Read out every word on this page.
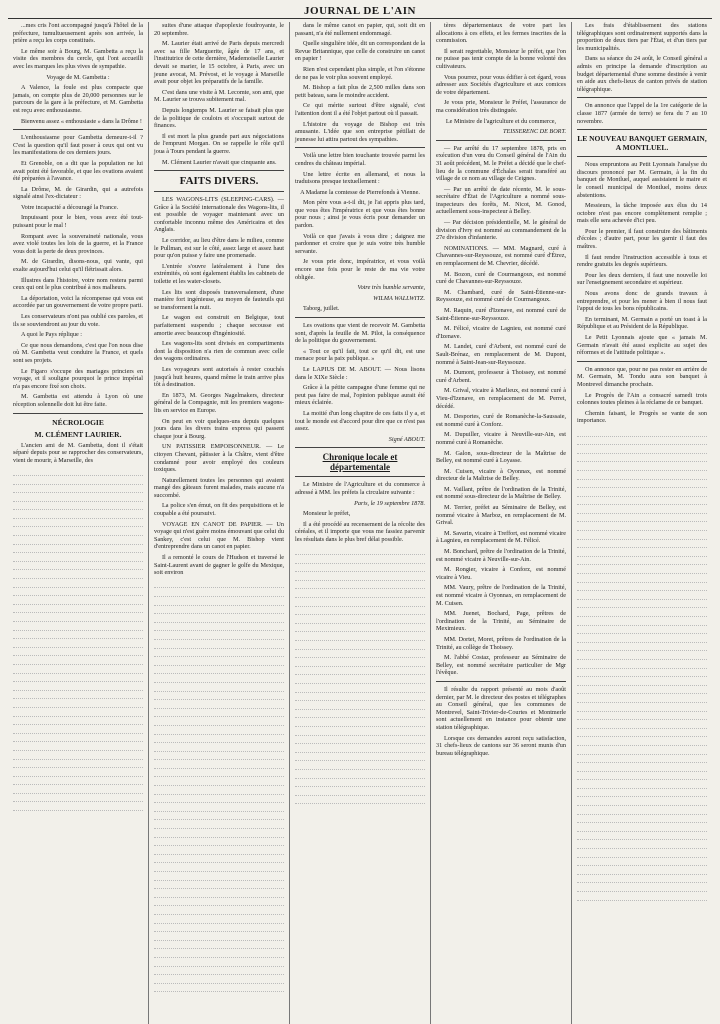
JOURNAL DE L'AIN

...mes cris l'ont accompagné jusqu'à l'hôtel de la préfecture, tumultueusement après son arrivée, la prière a reçu les corps constitués.

Le même soir à Bourg, M. Gambetta a reçu la visite des membres du cercle, qui l'ont accueilli avec les marques les plus vives de sympathie.

Voyage de M. Gambetta :

A Valence, la foule est plus compacte que jamais, on compte plus de 20,000 personnes sur le parcours de la gare à la préfecture, et M. Gambetta est reçu avec enthousiasme.

Bienvenu assez « enthousiaste » dans la Drôme !

L'enthousiasme pour Gambetta demeure-t-il ? C'est la question qu'il faut poser à ceux qui ont vu les manifestations de ces derniers jours.

Et Grenoble, on a dit que la population ne lui avait point été favorable, et que les ovations avaient été préparées à l'avance.

La Drôme, M. de Girardin, qui a autrefois signalé ainsi l'ex-dictateur :

Votre incapacité a découragé la France.

Impuissant pour le bien, vous avez été tout-puissant pour le mal !

Rompant avec la souveraineté nationale, vous avez violé toutes les lois de la guerre, et la France vous doit la perte de deux provinces.

M. de Girardin, disons-nous, qui vante, qui exalte aujourd'hui celui qu'il flétrissait alors.

Illustres dans l'histoire, votre nom restera parmi ceux qui ont le plus contribué à nos malheurs.

La déportation, voici la récompense qui vous est accordée par un gouvernement de votre propre parti.

Les conservateurs n'ont pas oublié ces paroles, et ils se souviendront au jour du vote.

A quoi le Pays réplique :

Ce que nous demandons, c'est que l'on nous dise où M. Gambetta veut conduire la France, et quels sont ses projets.

Le Figaro s'occupe des mariages princiers en voyage, et il souligne pourquoi le prince impérial n'a pas encore fixé son choix.

M. Gambetta est attendu à Lyon où une réception solennelle doit lui être faite.

NÉCROLOGIE
M. CLÉMENT LAURIER.

L'ancien ami de M. Gambetta, dont il s'était séparé depuis pour se rapprocher des conservateurs, vient de mourir, à Marseille, des

suites d'une attaque d'apoplexie foudroyante, le 20 septembre.

M. Laurier était arrivé de Paris depuis mercredi avec sa fille Marguerite, âgée de 17 ans, et l'institutrice de cette dernière, Mademoiselle Laurier devait se marier, le 15 octobre, à Paris, avec un jeune avocat, M. Prévost, et le voyage à Marseille avait pour objet les préparatifs de la famille.

C'est dans une visite à M. Lecomte, son ami, que M. Laurier se trouva subitement mal.

Depuis longtemps M. Laurier se faisait plus que de la politique de couloirs et s'occupait surtout de finances.

Il est mort la plus grande part aux négociations de l'emprunt Morgan. On se rappelle le rôle qu'il joua à Tours pendant la guerre.

M. Clément Laurier n'avait que cinquante ans.

FAITS DIVERS.

LES WAGONS-LITS (SLEEPING-CARS). — Grâce à la Société internationale des Wagons-lits, il est possible de voyager maintenant avec un confortable inconnu même des Américains et des Anglais.

Le corridor, au lieu d'être dans le milieu, comme le Pullman, est sur le côté, assez large et assez haut pour qu'on puisse y faire une promenade.

L'entrée s'ouvre latéralement à l'une des extrémités, où sont également établis les cabinets de toilette et les water-closets.

Les lits sont disposés transversalement, d'une manière fort ingénieuse, au moyen de fauteuils qui se transforment la nuit.

Le wagon est construit en Belgique, tout parfaitement suspendu ; chaque secousse est amortie avec beaucoup d'ingéniosité.

Les wagons-lits sont divisés en compartiments dont la disposition n'a rien de commun avec celle des wagons ordinaires.

Les voyageurs sont autorisés à rester couchés jusqu'à huit heures, quand même le train arrive plus tôt à destination.

En 1873, M. Georges Nagelmakers, directeur général de la Compagnie, mit les premiers wagons-lits en service en Europe.

On peut en voir quelques-uns depuis quelques jours dans les divers trains express qui passent chaque jour à Bourg.

UN PATISSIER EMPOISONNEUR. — Le citoyen Chevant, pâtissier à la Châtre, vient d'être condamné pour avoir employé des couleurs toxiques.

Naturellement toutes les personnes qui avaient mangé des gâteaux furent malades, mais aucune n'a succombé.

La police s'en émut, on fit des perquisitions et le coupable a été poursuivi.

VOYAGE EN CANOT DE PAPIER. — Un voyage qui n'est guère moins émouvant que celui du Sankey, c'est celui que M. Bishop vient d'entreprendre dans un canot en papier.

Il a remonté le cours de l'Hudson et traversé le Saint-Laurent avant de gagner le golfe du Mexique, soit environ

dans le même canot en papier, qui, soit dit en passant, n'a été nullement endommagé.

Quelle singulière idée, dit un correspondant de la Revue Britannique, que celle de construire un canot en papier !

Rien n'est cependant plus simple, et l'on s'étonne de ne pas le voir plus souvent employé.

M. Bishop a fait plus de 2,500 milles dans son petit bateau, sans le moindre accident.

Ce qui mérite surtout d'être signalé, c'est l'attention dont il a été l'objet partout où il passait.

L'histoire du voyage de Bishop est très amusante. L'idée que son entreprise pétillait de jeunesse lui attira partout des sympathies.

Voilà une lettre bien touchante trouvée parmi les cendres du château impérial.

Une lettre écrite en allemand, et nous la traduisons presque textuellement :

A Madame la comtesse de Pierrefonds à Vienne.

Mon père vous a-t-il dit, je l'ai appris plus tard, que vous êtes l'impératrice et que vous êtes bonne pour nous ; ainsi je vous écris pour demander un pardon.

Voilà ce que j'avais à vous dire ; daignez me pardonner et croire que je suis votre très humble servante.

Je vous prie donc, impératrice, et vous voilà encore une fois pour le reste de ma vie votre obligée.

Votre très humble servante,

WILMA WALLWITZ.

Taborg, juillet.

Les ovations que vient de recevoir M. Gambetta sont, d'après la feuille de M. Pilot, la conséquence de la politique du gouvernement.

« Tout ce qu'il fait, tout ce qu'il dit, est une menace pour la paix publique. »

Le LAPIUS DE M. ABOUT. — Nous lisons dans le XIXe Siècle :

Grâce à la pétite campagne d'une femme qui ne peut pas faire de mal, l'opinion publique aurait été mieux éclairée.

La moitié d'un long chapitre de ces faits il y a, et tout le monde est d'accord pour dire que ce n'est pas assez.

Signé ABOUT.

Chronique locale et départementale

Le Ministre de l'Agriculture et du commerce à adressé à MM. les préfets la circulaire suivante :

Paris, le 19 septembre 1878.

Monsieur le préfet,

Il a été procédé au recensement de la récolte des céréales, et il importe que vous me fassiez parvenir les résultats dans le plus bref délai possible.

tères départementaux de votre part les allocations à ces effets, et les fermes inscrites de la commission.

Il serait regrettable, Monsieur le préfet, que l'on ne puisse pas tenir compte de la bonne volonté des cultivateurs.

Vous pourrez, pour vous édifier à cet égard, vous adresser aux Sociétés d'agriculture et aux comices de votre département.

Je vous prie, Monsieur le Préfet, l'assurance de ma considération très distinguée.

Le Ministre de l'agriculture et du commerce,

TEISSERENC DE BORT.

— Par arrêté du 17 septembre 1878, pris en exécution d'un vœu du Conseil général de l'Ain du 31 août précédent, M. le Préfet a décidé que le chef-lieu de la commune d'Échalas serait transféré au village de ce nom au village de Ceignes.

— Par un arrêté de date récente, M. le sous-secrétaire d'État de l'Agriculture a nommé sous-inspecteurs des forêts, M. Nicot, M. Gonod, actuellement sous-inspecteur à Belley.

— Par décision présidentielle, M. le général de division d'Ivry est nommé au commandement de la 27e division d'infanterie.

NOMINATIONS. — MM. Magnard, curé à Chavannes-sur-Reyssouze, est nommé curé d'Étrez, en remplacement de M. Chevrier, décédé.

M. Bozon, curé de Courmangoux, est nommé curé de Chavannes-sur-Reyssouze.

M. Chambard, curé de Saint-Étienne-sur-Reyssouze, est nommé curé de Courmangoux.

M. Raquin, curé d'Izenave, est nommé curé de Saint-Étienne-sur-Reyssouze.

M. Félicé, vicaire de Lagnieu, est nommé curé d'Izenave.

M. Landet, curé d'Arbent, est nommé curé de Sault-Brénaz, en remplacement de M. Dupont, nommé à Saint-Jean-sur-Reyssouze.

M. Dumont, professeur à Thoissey, est nommé curé d'Arbent.

M. Grival, vicaire à Marlieux, est nommé curé à Vieu-d'Izenave, en remplacement de M. Perret, décédé.

M. Desportes, curé de Romanèche-la-Saussaie, est nommé curé à Conforz.

M. Dupuiller, vicaire à Neuville-sur-Ain, est nommé curé à Romanèche.

M. Galon, sous-directeur de la Maîtrise de Belley, est nommé curé à Loyasse.

M. Cuisen, vicaire à Oyonnax, est nommé directeur de la Maîtrise de Belley.

M. Vaillant, prêtre de l'ordination de la Trinité, est nommé sous-directeur de la Maîtrise de Belley.

M. Terrier, préfet au Séminaire de Belley, est nommé vicaire à Marboz, en remplacement de M. Grival.

M. Savarin, vicaire à Treffort, est nommé vicaire à Lagnieu, en remplacement de M. Félicé.

M. Bonchard, prêtre de l'ordination de la Trinité, est nommé vicaire à Neuville-sur-Ain.

M. Rongier, vicaire à Conforz, est nommé vicaire à Vieu.

MM. Vaury, prêtre de l'ordination de la Trinité, est nommé vicaire à Oyonnax, en remplacement de M. Cuisen.

MM. Juenet, Bochard, Page, prêtres de l'ordination de la Trinité, au Séminaire de Meximieux.

MM. Dortet, Moret, prêtres de l'ordination de la Trinité, au collège de Thoissey.

M. l'abbé Costaz, professeur au Séminaire de Belley, est nommé secrétaire particulier de Mgr l'évêque.

Il résulte du rapport présenté au mois d'août dernier, par M. le directeur des postes et télégraphes au Conseil général, que les communes de Montrevel, Saint-Trivier-de-Courtes et Montmerle sont actuellement en instance pour obtenir une station télégraphique.

Lorsque ces demandes auront reçu satisfaction, 31 chefs-lieux de cantons sur 36 seront munis d'un bureau télégraphique.

Les frais d'établissement des stations télégraphiques sont ordinairement supportés dans la proportion de deux tiers par l'État, et d'un tiers par les municipalités.

Dans sa séance du 24 août, le Conseil général a admis en principe la demande d'inscription au budget départemental d'une somme destinée à venir en aide aux chefs-lieux de canton privés de station télégraphique.

On annonce que l'appel de la 1re catégorie de la classe 1877 (armée de terre) se fera du 7 au 10 novembre.

LE NOUVEAU BANQUET GERMAIN, A MONTLUEL.

Nous empruntons au Petit Lyonnais l'analyse du discours prononcé par M. Germain, à la fin du banquet de Montluel, auquel assistaient le maire et le conseil municipal de Montluel, moins deux abstentions.

Messieurs, la tâche imposée aux élus du 14 octobre n'est pas encore complètement remplie ; mais elle sera achevée d'ici peu.

Pour le premier, il faut construire des bâtiments d'écoles ; d'autre part, pour les garnir il faut des maîtres.

Il faut rendre l'instruction accessible à tous et rendre gratuits les degrés supérieurs.

Pour les deux derniers, il faut une nouvelle loi sur l'enseignement secondaire et supérieur.

Nous avons donc de grands travaux à entreprendre, et pour les mener à bien il nous faut l'appui de tous les bons républicains.

En terminant, M. Germain a porté un toast à la République et au Président de la République.

Le Petit Lyonnais ajoute que « jamais M. Germain n'avait été aussi explicite au sujet des réformes et de l'attitude politique ».

On annonce que, pour ne pas rester en arrière de M. Germain, M. Tondu aura son banquet à Montrevel dimanche prochain.

Le Progrès de l'Ain a consacré samedi trois colonnes toutes pleines à la réclame de ce banquet.

Chemin faisant, le Progrès se vante de son importance.
